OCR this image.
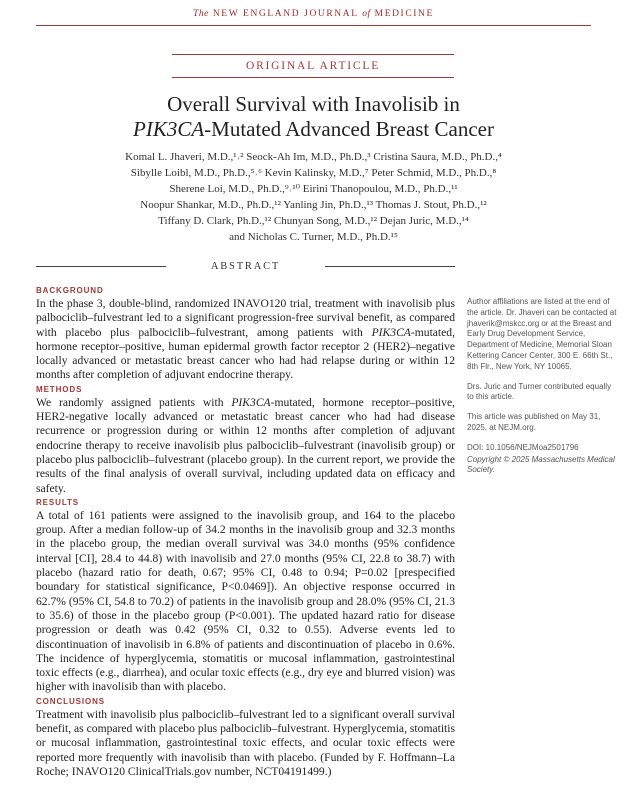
The NEW ENGLAND JOURNAL of MEDICINE
ORIGINAL ARTICLE
Overall Survival with Inavolisib in
PIK3CA-Mutated Advanced Breast Cancer
Komal L. Jhaveri, M.D.,¹˒² Seock-Ah Im, M.D., Ph.D.,³ Cristina Saura, M.D., Ph.D.,⁴
Sibylle Loibl, M.D., Ph.D.,⁵˒⁶ Kevin Kalinsky, M.D.,⁷ Peter Schmid, M.D., Ph.D.,⁸
Sherene Loi, M.D., Ph.D.,⁹˒¹⁰ Eirini Thanopoulou, M.D., Ph.D.,¹¹
Noopur Shankar, M.D., Ph.D.,¹² Yanling Jin, Ph.D.,¹³ Thomas J. Stout, Ph.D.,¹²
Tiffany D. Clark, Ph.D.,¹² Chunyan Song, M.D.,¹² Dejan Juric, M.D.,¹⁴
and Nicholas C. Turner, M.D., Ph.D.¹⁵
ABSTRACT
BACKGROUND

In the phase 3, double-blind, randomized INAVO120 trial, treatment with inavolisib plus palbociclib–fulvestrant led to a significant progression-free survival benefit, as compared with placebo plus palbociclib–fulvestrant, among patients with PIK3CA-mutated, hormone receptor–positive, human epidermal growth factor receptor 2 (HER2)–negative locally advanced or metastatic breast cancer who had had relapse during or within 12 months after completion of adjuvant endocrine therapy.

METHODS

We randomly assigned patients with PIK3CA-mutated, hormone receptor–positive, HER2-negative locally advanced or metastatic breast cancer who had had disease recurrence or progression during or within 12 months after completion of adjuvant endocrine therapy to receive inavolisib plus palbociclib–fulvestrant (inavolisib group) or placebo plus palbociclib–fulvestrant (placebo group). In the current report, we provide the results of the final analysis of overall survival, including updated data on efficacy and safety.

RESULTS

A total of 161 patients were assigned to the inavolisib group, and 164 to the placebo group. After a median follow-up of 34.2 months in the inavolisib group and 32.3 months in the placebo group, the median overall survival was 34.0 months (95% confidence interval [CI], 28.4 to 44.8) with inavolisib and 27.0 months (95% CI, 22.8 to 38.7) with placebo (hazard ratio for death, 0.67; 95% CI, 0.48 to 0.94; P=0.02 [prespecified boundary for statistical significance, P<0.0469]). An objective response occurred in 62.7% (95% CI, 54.8 to 70.2) of patients in the inavolisib group and 28.0% (95% CI, 21.3 to 35.6) of those in the placebo group (P<0.001). The updated hazard ratio for disease progression or death was 0.42 (95% CI, 0.32 to 0.55). Adverse events led to discontinuation of inavolisib in 6.8% of patients and discontinuation of placebo in 0.6%. The incidence of hyperglycemia, stomatitis or mucosal inflammation, gastrointestinal toxic effects (e.g., diarrhea), and ocular toxic effects (e.g., dry eye and blurred vision) was higher with inavolisib than with placebo.

CONCLUSIONS

Treatment with inavolisib plus palbociclib–fulvestrant led to a significant overall survival benefit, as compared with placebo plus palbociclib–fulvestrant. Hyperglycemia, stomatitis or mucosal inflammation, gastrointestinal toxic effects, and ocular toxic effects were reported more frequently with inavolisib than with placebo. (Funded by F. Hoffmann–La Roche; INAVO120 ClinicalTrials.gov number, NCT04191499.)

Author affiliations are listed at the end of the article. Dr. Jhaveri can be contacted at jhaverik@mskcc.org or at the Breast and Early Drug Development Service, Department of Medicine, Memorial Sloan Kettering Cancer Center, 300 E. 66th St., 8th Flr., New York, NY 10065.

Drs. Juric and Turner contributed equally to this article.

This article was published on May 31, 2025, at NEJM.org.

DOI: 10.1056/NEJMoa2501796

Copyright © 2025 Massachusetts Medical Society.
